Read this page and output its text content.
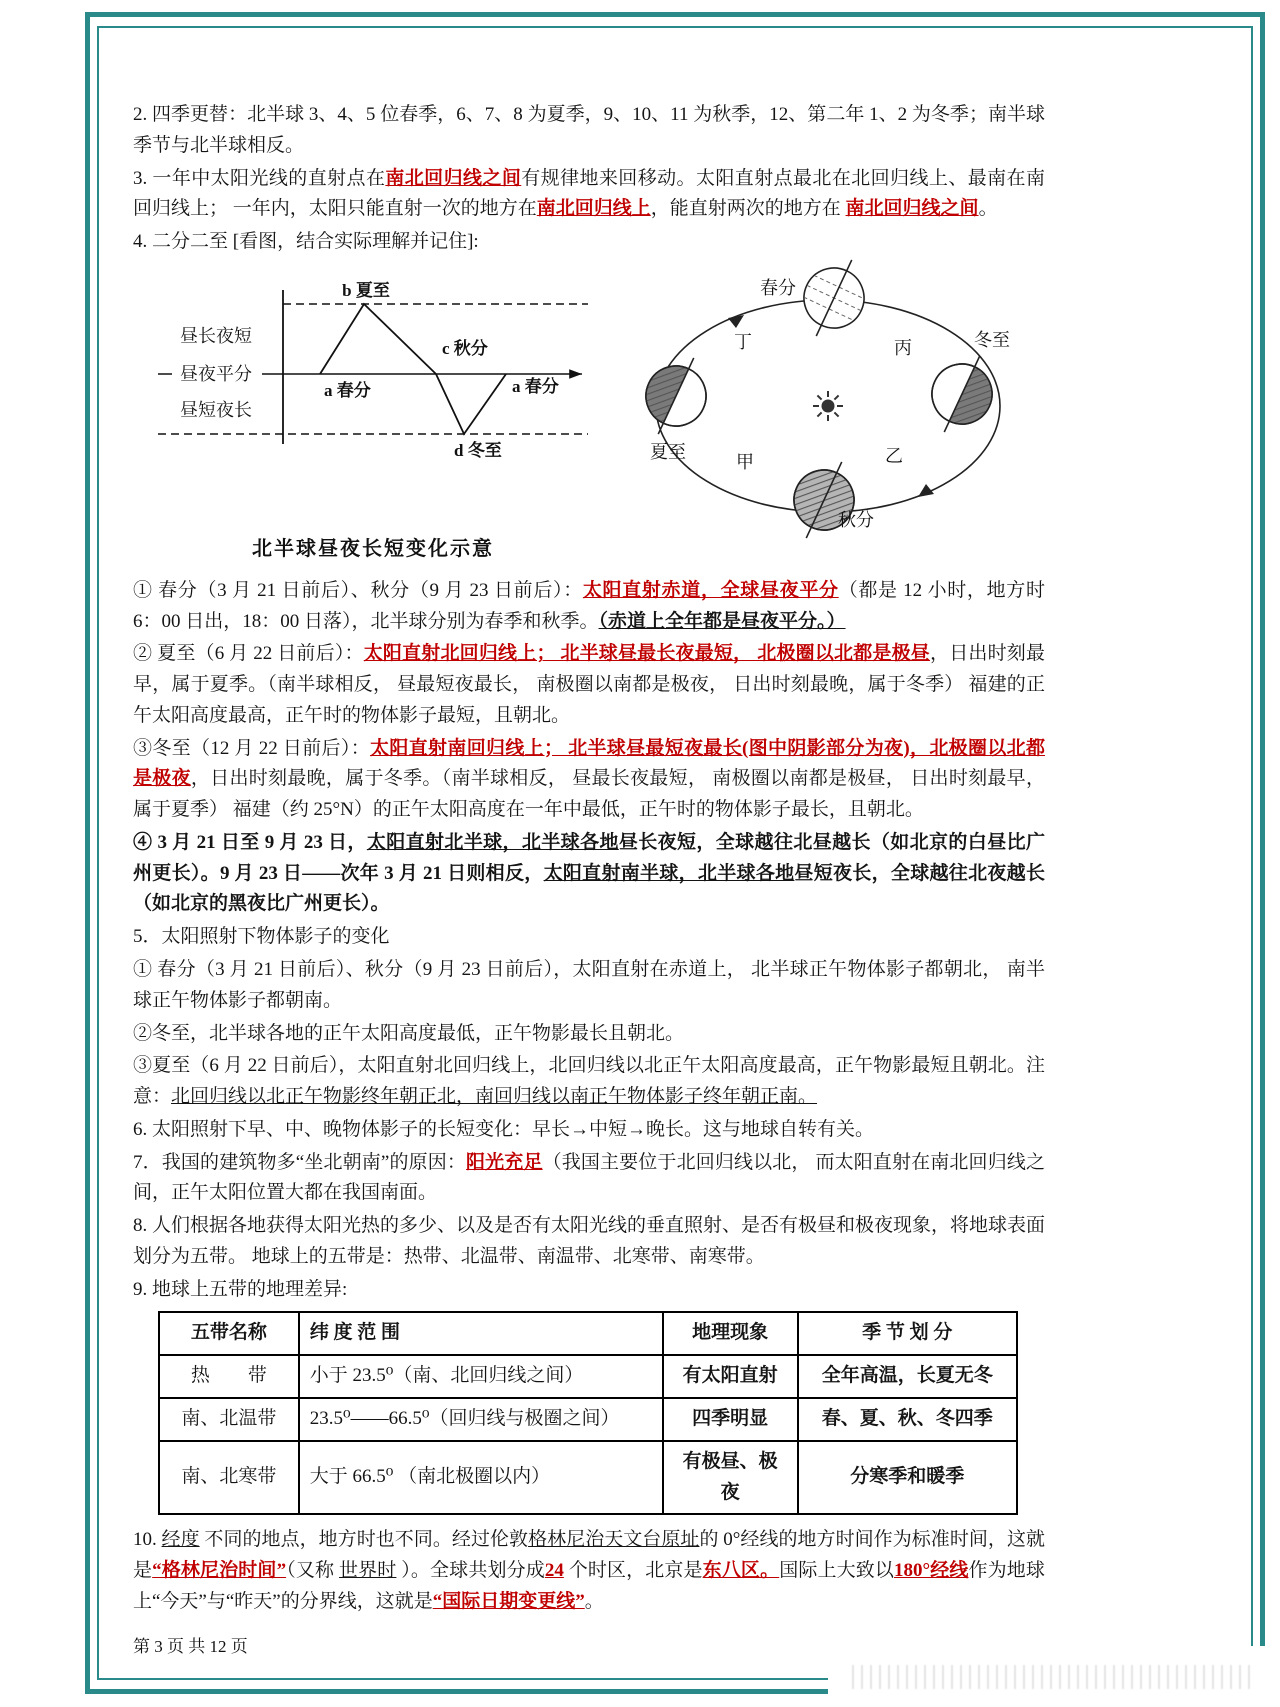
2. 四季更替：北半球 3、4、5 位春季，6、7、8 为夏季，9、10、11 为秋季，12、第二年 1、2 为冬季；南半球季节与北半球相反。

3. 一年中太阳光线的直射点在南北回归线之间有规律地来回移动。太阳直射点最北在北回归线上、最南在南回归线上； 一年内，太阳只能直射一次的地方在南北回归线上，能直射两次的地方在 南北回归线之间。

4. 二分二至 [看图，结合实际理解并记住]:

昼长夜短
昼夜平分
昼短夜长
b 夏至
c 秋分
a 春分	a 春分
d 冬至
北半球昼夜长短变化示意
春分
冬至
秋分
夏至
丁	丙
甲	乙

① 春分（3 月 21 日前后）、秋分（9 月 23 日前后）：太阳直射赤道，全球昼夜平分（都是 12 小时，地方时 6：00 日出，18：00 日落），北半球分别为春季和秋季。（赤道上全年都是昼夜平分。）

② 夏至（6 月 22 日前后）：太阳直射北回归线上； 北半球昼最长夜最短， 北极圈以北都是极昼，日出时刻最早，属于夏季。（南半球相反， 昼最短夜最长， 南极圈以南都是极夜， 日出时刻最晚，属于冬季） 福建的正午太阳高度最高，正午时的物体影子最短，且朝北。

③冬至（12 月 22 日前后）：太阳直射南回归线上； 北半球昼最短夜最长(图中阴影部分为夜)，北极圈以北都是极夜，日出时刻最晚，属于冬季。（南半球相反， 昼最长夜最短， 南极圈以南都是极昼， 日出时刻最早，属于夏季） 福建（约 25°N）的正午太阳高度在一年中最低，正午时的物体影子最长，且朝北。

④ 3 月 21 日至 9 月 23 日，太阳直射北半球，北半球各地昼长夜短，全球越往北昼越长（如北京的白昼比广州更长）。9 月 23 日——次年 3 月 21 日则相反，太阳直射南半球，北半球各地昼短夜长，全球越往北夜越长（如北京的黑夜比广州更长）。

5．太阳照射下物体影子的变化

① 春分（3 月 21 日前后）、秋分（9 月 23 日前后），太阳直射在赤道上， 北半球正午物体影子都朝北， 南半球正午物体影子都朝南。

②冬至，北半球各地的正午太阳高度最低，正午物影最长且朝北。

③夏至（6 月 22 日前后），太阳直射北回归线上，北回归线以北正午太阳高度最高，正午物影最短且朝北。注意：北回归线以北正午物影终年朝正北，南回归线以南正午物体影子终年朝正南。

6. 太阳照射下早、中、晚物体影子的长短变化：早长→中短→晚长。这与地球自转有关。

7．我国的建筑物多“坐北朝南”的原因：阳光充足（我国主要位于北回归线以北， 而太阳直射在南北回归线之间，正午太阳位置大都在我国南面。

8. 人们根据各地获得太阳光热的多少、以及是否有太阳光线的垂直照射、是否有极昼和极夜现象，将地球表面划分为五带。 地球上的五带是：热带、北温带、南温带、北寒带、南寒带。

9. 地球上五带的地理差异:

五带名称	纬 度 范 围	地理现象	季 节 划 分
热　　带	小于 23.5⁰（南、北回归线之间）	有太阳直射	全年高温，长夏无冬
南、北温带	23.5⁰——66.5⁰（回归线与极圈之间）	四季明显	春、夏、秋、冬四季
南、北寒带	大于 66.5⁰ （南北极圈以内）	有极昼、极夜	分寒季和暖季

10. 经度 不同的地点，地方时也不同。经过伦敦格林尼治天文台原址的 0°经线的地方时间作为标准时间，这就是“格林尼治时间”（又称 世界时 ）。全球共划分成24 个时区，北京是东八区。国际上大致以180°经线作为地球上“今天”与“昨天”的分界线，这就是“国际日期变更线”。

第 3 页 共 12 页
